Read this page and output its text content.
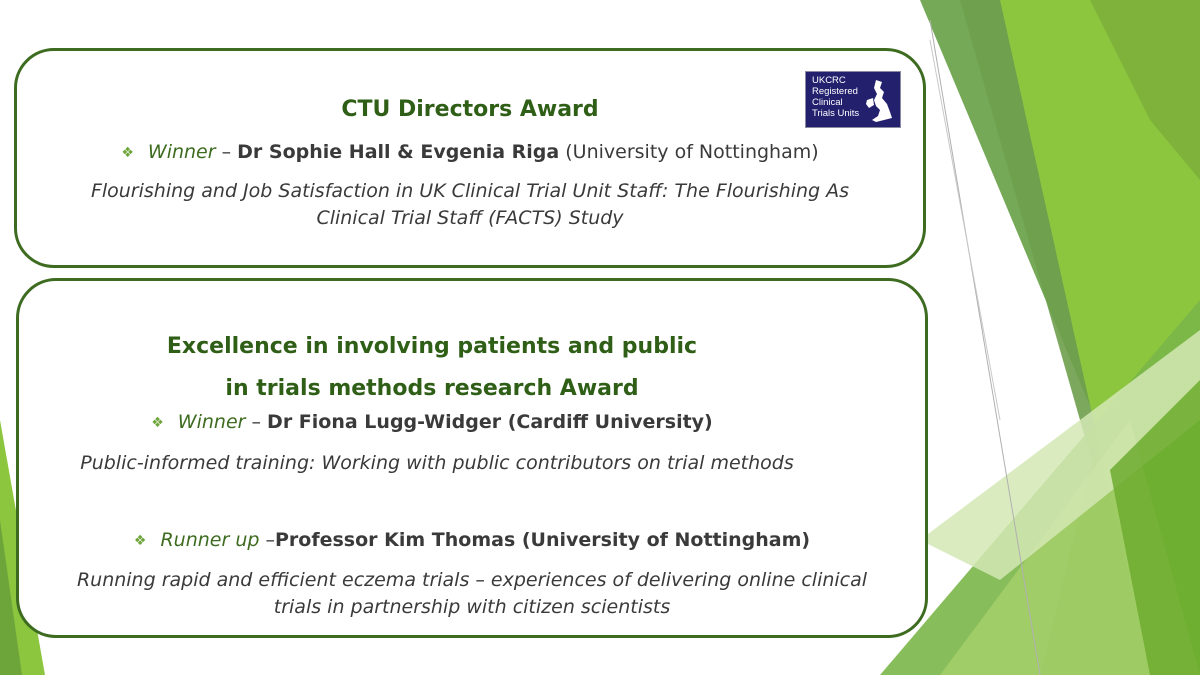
CTU Directors Award
❖ Winner – Dr Sophie Hall & Evgenia Riga (University of Nottingham)
Flourishing and Job Satisfaction in UK Clinical Trial Unit Staff: The Flourishing As
Clinical Trial Staff (FACTS) Study
UKCRC
Registered
Clinical
Trials Units
Excellence in involving patients and public
in trials methods research Award
❖ Winner – Dr Fiona Lugg-Widger (Cardiff University)
Public-informed training: Working with public contributors on trial methods
❖ Runner up –Professor Kim Thomas (University of Nottingham)
Running rapid and efficient eczema trials – experiences of delivering online clinical
trials in partnership with citizen scientists
